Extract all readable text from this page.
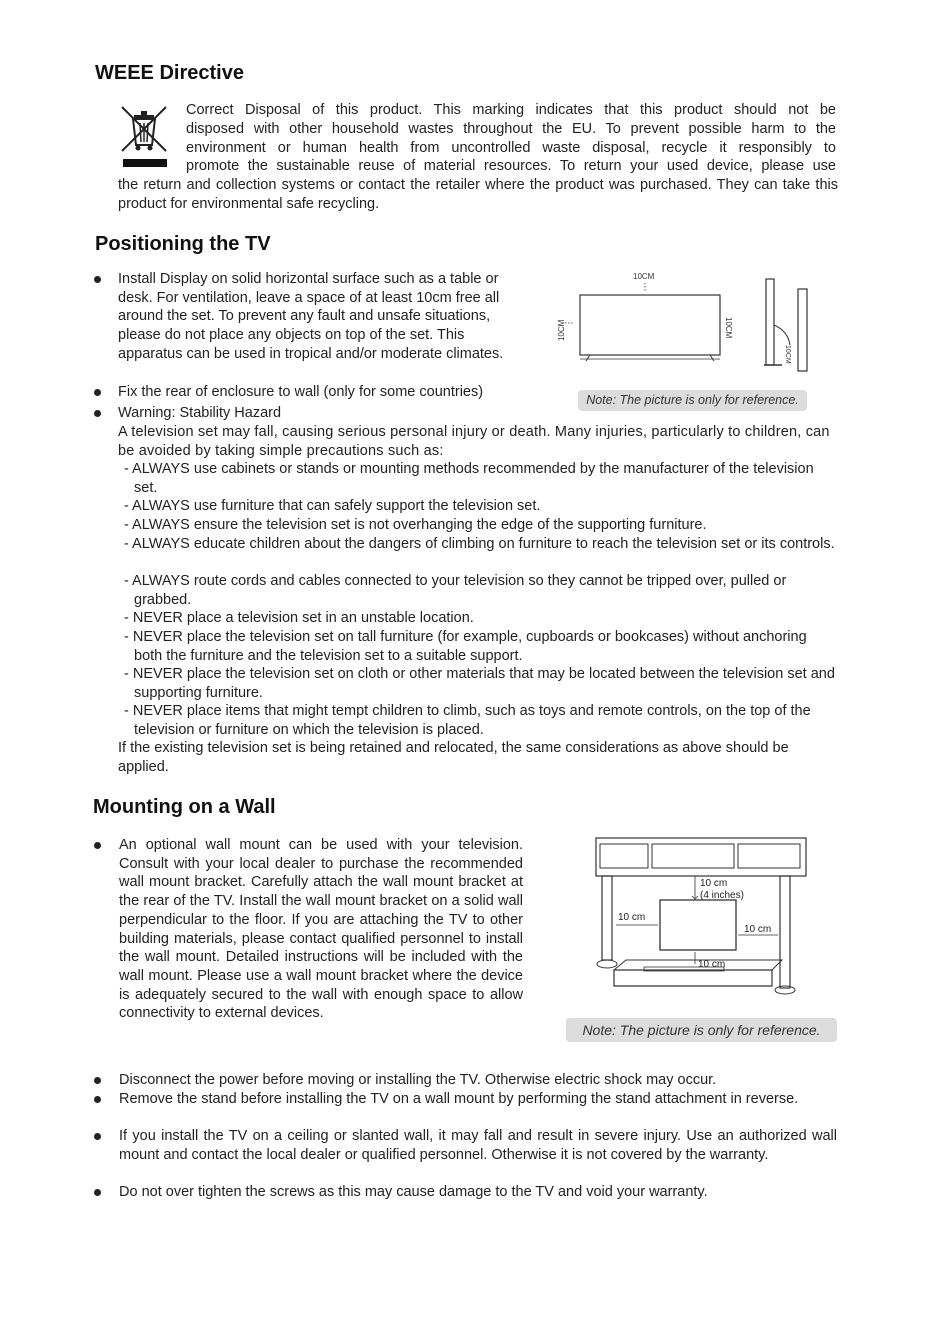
WEEE Directive
Correct Disposal of this product. This marking indicates that this product should not be
disposed with other household wastes throughout the EU. To prevent possible harm to the
environment or human health from uncontrolled waste disposal, recycle it responsibly to
promote the sustainable reuse of material resources. To return your used device, please use

the return and collection systems or contact the retailer where the product was purchased. They can take this product for environmental safe recycling.

Positioning the TV

Install Display on solid horizontal surface such as a table or desk. For ventilation, leave a space of at least 10cm free all around the set. To prevent any fault and unsafe situations, please do not place any objects on top of the set. This apparatus can be used in tropical and/or moderate climates.

Fix the rear of enclosure to wall (only for some countries)
Warning: Stability Hazard
10CM
10CM	10CM
10CM
Note: The picture is only for reference.

A television set may fall, causing serious personal injury or death. Many injuries, particularly to children, can be avoided by taking simple precautions such as:

- ALWAYS use cabinets or stands or mounting methods recommended by the manufacturer of the television set.

- ALWAYS use furniture that can safely support the television set.

- ALWAYS ensure the television set is not overhanging the edge of the supporting furniture.

- ALWAYS educate children about the dangers of climbing on furniture to reach the television set or its controls.

- ALWAYS route cords and cables connected to your television so they cannot be tripped over, pulled or grabbed.

- NEVER place a television set in an unstable location.

- NEVER place the television set on tall furniture (for example, cupboards or bookcases) without anchoring both the furniture and the television set to a suitable support.

- NEVER place the television set on cloth or other materials that may be located between the television set and supporting furniture.

- NEVER place items that might tempt children to climb, such as toys and remote controls, on the top of the television or furniture on which the television is placed.

If the existing television set is being retained and relocated, the same considerations as above should be applied.

Mounting on a Wall

An optional wall mount can be used with your television. Consult with your local dealer to purchase the recommended wall mount bracket. Carefully attach the wall mount bracket at the rear of the TV. Install the wall mount bracket on a solid wall perpendicular to the floor. If you are attaching the TV to other building materials, please contact qualified personnel to install the wall mount. Detailed instructions will be included with the wall mount. Please use a wall mount bracket where the device is adequately secured to the wall with enough space to allow connectivity to external devices.

10 cm
(4 inches)
10 cm
10 cm
10 cm
Note: The picture is only for reference.

Disconnect the power before moving or installing the TV. Otherwise electric shock may occur.

Remove the stand before installing the TV on a wall mount by performing the stand attachment in reverse.

If you install the TV on a ceiling or slanted wall, it may fall and result in severe injury. Use an authorized wall mount and contact the local dealer or qualified personnel. Otherwise it is not covered by the warranty.

Do not over tighten the screws as this may cause damage to the TV and void your warranty.
